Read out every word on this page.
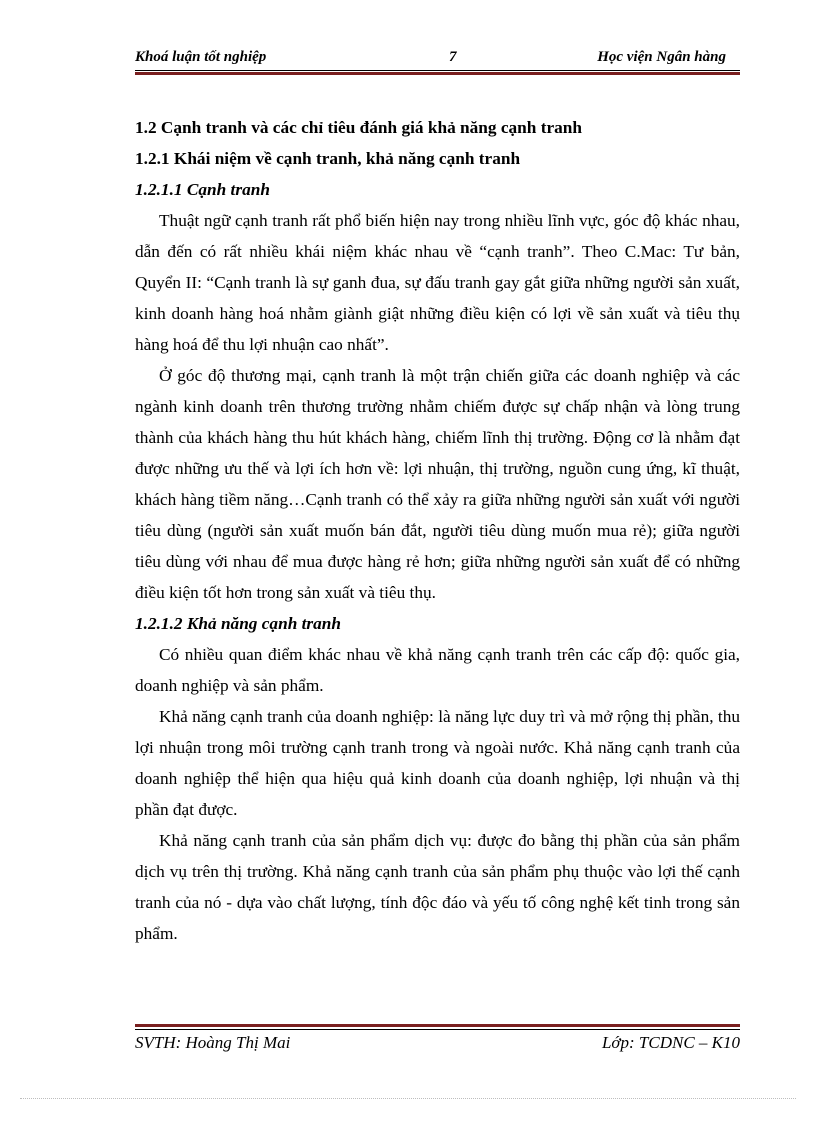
Khoá luận tốt nghiệp	7	Học viện Ngân hàng
1.2 Cạnh tranh và các chỉ tiêu đánh giá khả năng cạnh tranh
1.2.1 Khái niệm về cạnh tranh, khả năng cạnh tranh
1.2.1.1 Cạnh tranh

Thuật ngữ cạnh tranh rất phổ biến hiện nay trong nhiều lĩnh vực, góc độ khác nhau, dẫn đến có rất nhiều khái niệm khác nhau về “cạnh tranh”. Theo C.Mac: Tư bản, Quyển II: “Cạnh tranh là sự ganh đua, sự đấu tranh gay gắt giữa những người sản xuất, kinh doanh hàng hoá nhằm giành giật những điều kiện có lợi về sản xuất và tiêu thụ hàng hoá để thu lợi nhuận cao nhất”.

Ở góc độ thương mại, cạnh tranh là một trận chiến giữa các doanh nghiệp và các ngành kinh doanh trên thương trường nhằm chiếm được sự chấp nhận và lòng trung thành của khách hàng thu hút khách hàng, chiếm lĩnh thị trường. Động cơ là nhằm đạt được những ưu thế và lợi ích hơn về: lợi nhuận, thị trường, nguồn cung ứng, kĩ thuật, khách hàng tiềm năng…Cạnh tranh có thể xảy ra giữa những người sản xuất với người tiêu dùng (người sản xuất muốn bán đắt, người tiêu dùng muốn mua rẻ); giữa người tiêu dùng với nhau để mua được hàng rẻ hơn; giữa những người sản xuất để có những điều kiện tốt hơn trong sản xuất và tiêu thụ.

1.2.1.2 Khả năng cạnh tranh

Có nhiều quan điểm khác nhau về khả năng cạnh tranh trên các cấp độ: quốc gia, doanh nghiệp và sản phẩm.

Khả năng cạnh tranh của doanh nghiệp: là năng lực duy trì và mở rộng thị phần, thu lợi nhuận trong môi trường cạnh tranh trong và ngoài nước. Khả năng cạnh tranh của doanh nghiệp thể hiện qua hiệu quả kinh doanh của doanh nghiệp, lợi nhuận và thị phần đạt được.

Khả năng cạnh tranh của sản phẩm dịch vụ: được đo bằng thị phần của sản phẩm dịch vụ trên thị trường. Khả năng cạnh tranh của sản phẩm phụ thuộc vào lợi thế cạnh tranh của nó - dựa vào chất lượng, tính độc đáo và yếu tố công nghệ kết tinh trong sản phẩm.

SVTH: Hoàng Thị Mai	Lớp: TCDNC – K10
